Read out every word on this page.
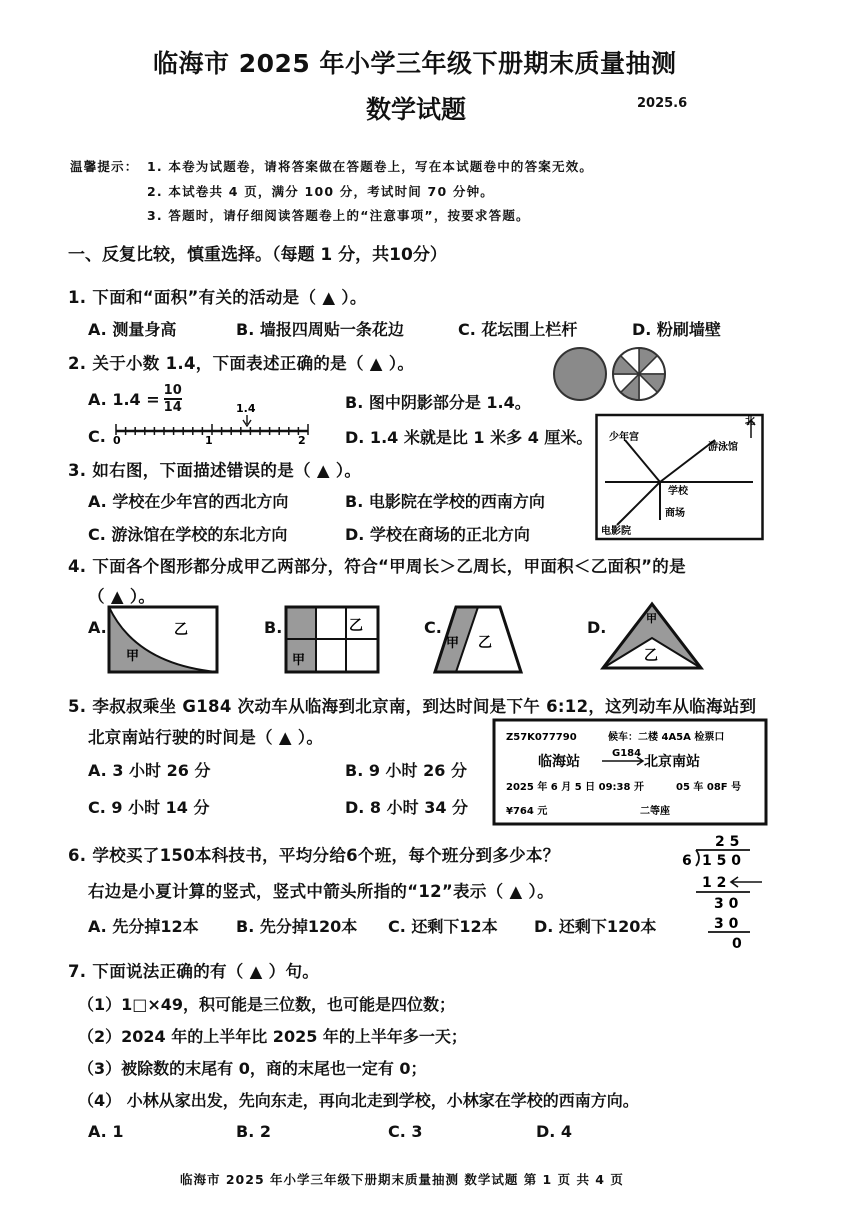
临海市 2025 年小学三年级下册期末质量抽测
数学试题	2025.6
温馨提示： 1. 本卷为试题卷，请将答案做在答题卷上，写在本试题卷中的答案无效。
2. 本试卷共 4 页，满分 100 分，考试时间 70 分钟。
3. 答题时，请仔细阅读答题卷上的“注意事项”，按要求答题。
一、反复比较，慎重选择。（每题 1 分，共10分）
1. 下面和“面积”有关的活动是（ ▲ ）。
A. 测量身高	B. 墙报四周贴一条花边	C. 花坛围上栏杆	D. 粉刷墙壁
2. 关于小数 1.4，下面表述正确的是（ ▲ ）。
A. $1.4 = \frac{10}{14}$	B. 图中阴影部分是 1.4。
C. 0	1	2
1.4
D. 1.4 米就是比 1 米多 4 厘米。
3. 如右图，下面描述错误的是（ ▲ ）。
A. 学校在少年宫的西北方向	B. 电影院在学校的西南方向
C. 游泳馆在学校的东北方向	D. 学校在商场的正北方向
北
少年宫
游泳馆
学校
商场
电影院
4. 下面各个图形都分成甲乙两部分，符合“甲周长＞乙周长，甲面积＜乙面积”的是
（ ▲ ）。
A.
甲
乙	B.
甲
乙	C.
甲 乙
D.	甲
乙
5. 李叔叔乘坐 G184 次动车从临海到北京南，到达时间是下午 6:12，这列动车从临海站到
北京南站行驶的时间是（ ▲ ）。
A. 3 小时 26 分	B. 9 小时 26 分
C. 9 小时 14 分	D. 8 小时 34 分
Z57K077790	候车：二楼 4A5A 检票口
临海站
G184
北京南站
2025 年 6 月 5 日 09:38 开	05 车 08F 号
¥764 元	二等座
6. 学校买了150本科技书，平均分给6个班，每个班分到多少本？
右边是小夏计算的竖式，竖式中箭头所指的“12”表示（ ▲ ）。
A. 先分掉12本 B. 先分掉120本 C. 还剩下12本 D. 还剩下120本
2 5
6 1 5 0
1 2
3 0
3 0
0
7. 下面说法正确的有（ ▲ ）句。
（1）1□×49，积可能是三位数，也可能是四位数；
（2）2024 年的上半年比 2025 年的上半年多一天；
（3）被除数的末尾有 0，商的末尾也一定有 0；
（4） 小林从家出发，先向东走，再向北走到学校，小林家在学校的西南方向。
A. 1	B. 2	C. 3	D. 4
临海市 2025 年小学三年级下册期末质量抽测 数学试题 第 1 页 共 4 页
